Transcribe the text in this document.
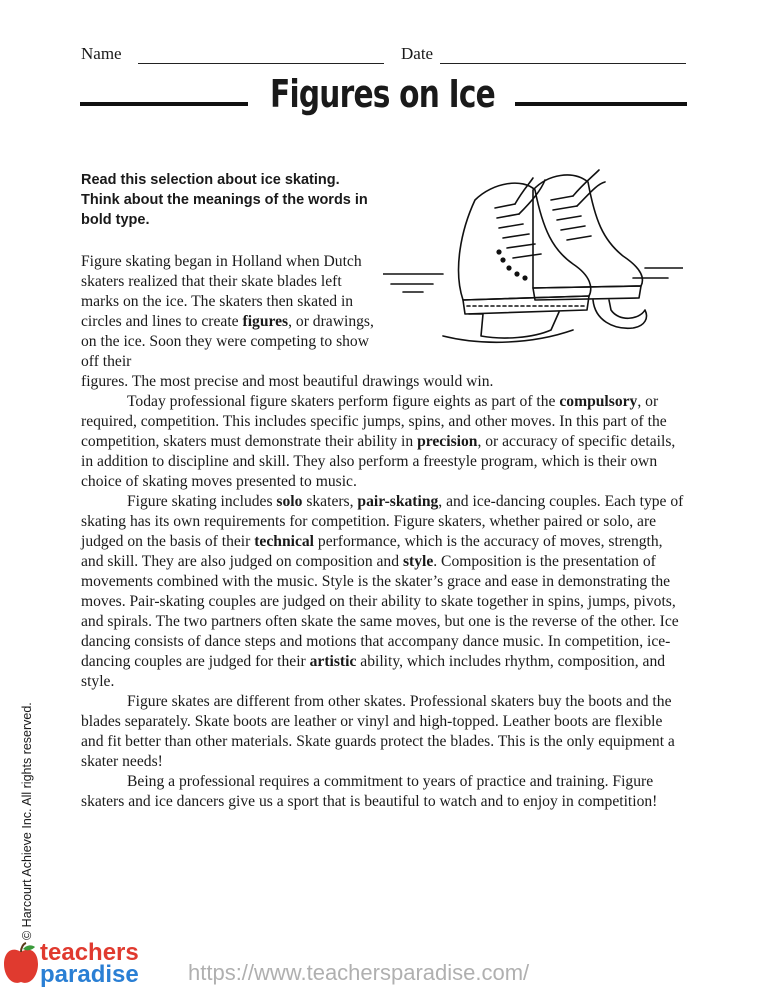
Name	Date
Figures on Ice
Read this selection about ice skating. Think about the meanings of the words in bold type.
Figure skating began in Holland when Dutch skaters realized that their skate blades left marks on the ice. The skaters then skated in circles and lines to create figures, or drawings, on the ice. Soon they were competing to show off their

figures. The most precise and most beautiful drawings would win.

Today professional figure skaters perform figure eights as part of the compulsory, or required, competition. This includes specific jumps, spins, and other moves. In this part of the competition, skaters must demonstrate their ability in precision, or accuracy of specific details, in addition to discipline and skill. They also perform a freestyle program, which is their own choice of skating moves presented to music.

Figure skating includes solo skaters, pair-skating, and ice-dancing couples. Each type of skating has its own requirements for competition. Figure skaters, whether paired or solo, are judged on the basis of their technical performance, which is the accuracy of moves, strength, and skill. They are also judged on composition and style. Composition is the presentation of movements combined with the music. Style is the skater’s grace and ease in demonstrating the moves. Pair-skating couples are judged on their ability to skate together in spins, jumps, pivots, and spirals. The two partners often skate the same moves, but one is the reverse of the other. Ice dancing consists of dance steps and motions that accompany dance music. In competition, ice-dancing couples are judged for their artistic ability, which includes rhythm, composition, and style.

Figure skates are different from other skates. Professional skaters buy the boots and the blades separately. Skate boots are leather or vinyl and high-topped. Leather boots are flexible and fit better than other materials. Skate guards protect the blades. This is the only equipment a skater needs!

Being a professional requires a commitment to years of practice and training. Figure skaters and ice dancers give us a sport that is beautiful to watch and to enjoy in competition!

© Harcourt Achieve Inc. All rights reserved.
teachers
paradise https://www.teachersparadise.com/
